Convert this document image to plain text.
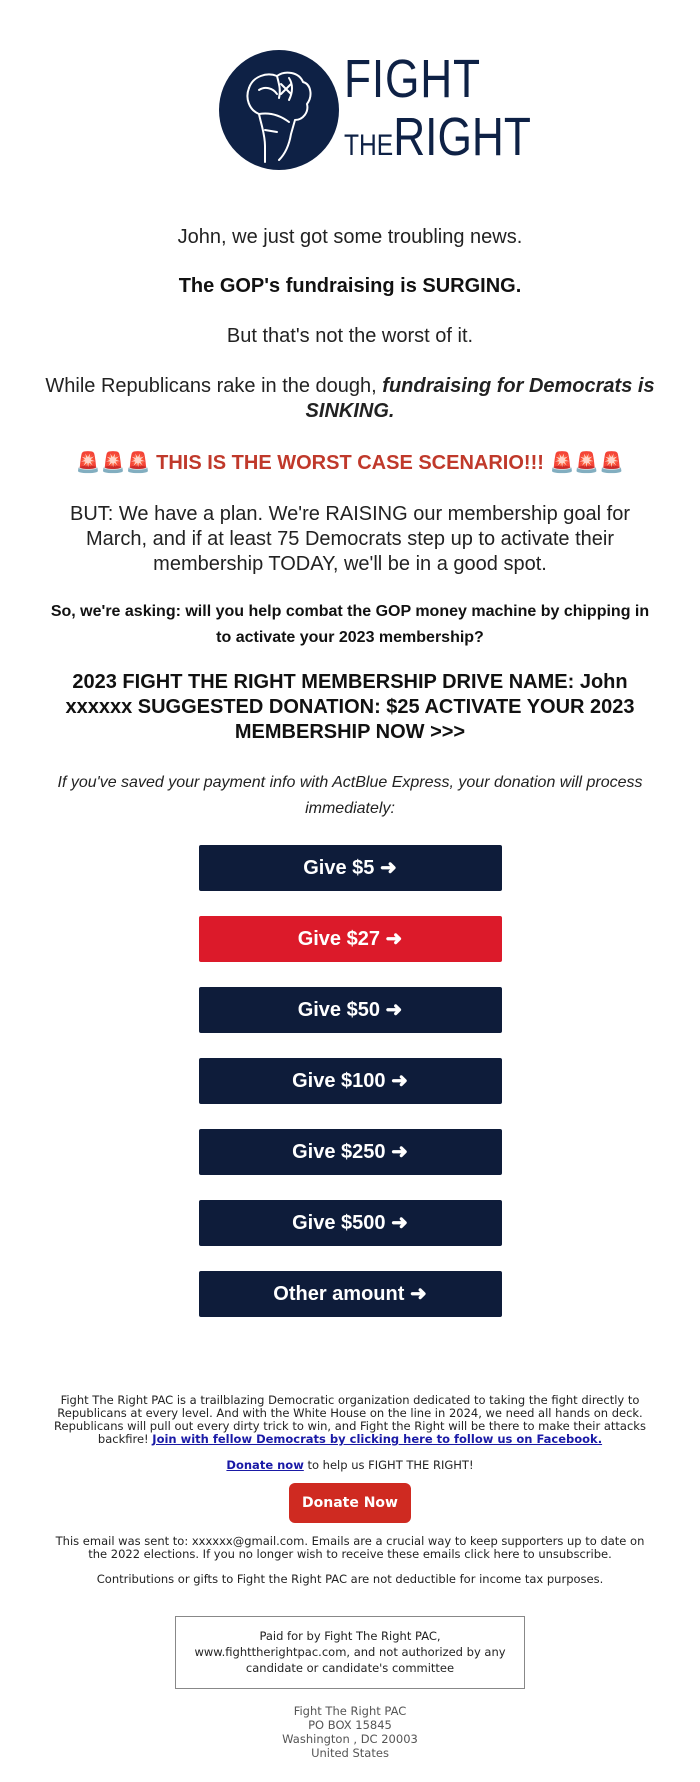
FIGHT
THERIGHT
John, we just got some troubling news.
The GOP's fundraising is SURGING.
But that's not the worst of it.
While Republicans rake in the dough, fundraising for Democrats is SINKING.
🚨🚨🚨 THIS IS THE WORST CASE SCENARIO!!! 🚨🚨🚨
BUT: We have a plan. We're RAISING our membership goal for March, and if at least 75 Democrats step up to activate their membership TODAY, we'll be in a good spot.
So, we're asking: will you help combat the GOP money machine by chipping in to activate your 2023 membership?
2023 FIGHT THE RIGHT MEMBERSHIP DRIVE NAME: John xxxxxx SUGGESTED DONATION: $25 ACTIVATE YOUR 2023 MEMBERSHIP NOW >>>
If you've saved your payment info with ActBlue Express, your donation will process immediately:
Give $5 ➜
Give $27 ➜
Give $50 ➜
Give $100 ➜
Give $250 ➜
Give $500 ➜
Other amount ➜
Fight The Right PAC is a trailblazing Democratic organization dedicated to taking the fight directly to Republicans at every level. And with the White House on the line in 2024, we need all hands on deck. Republicans will pull out every dirty trick to win, and Fight the Right will be there to make their attacks backfire! Join with fellow Democrats by clicking here to follow us on Facebook.
Donate now to help us FIGHT THE RIGHT!
Donate Now
This email was sent to: xxxxxx@gmail.com. Emails are a crucial way to keep supporters up to date on the 2022 elections. If you no longer wish to receive these emails click here to unsubscribe.
Contributions or gifts to Fight the Right PAC are not deductible for income tax purposes.
Paid for by Fight The Right PAC, www.fighttherightpac.com, and not authorized by any candidate or candidate's committee
Fight The Right PAC
PO BOX 15845
Washington , DC 20003
United States
